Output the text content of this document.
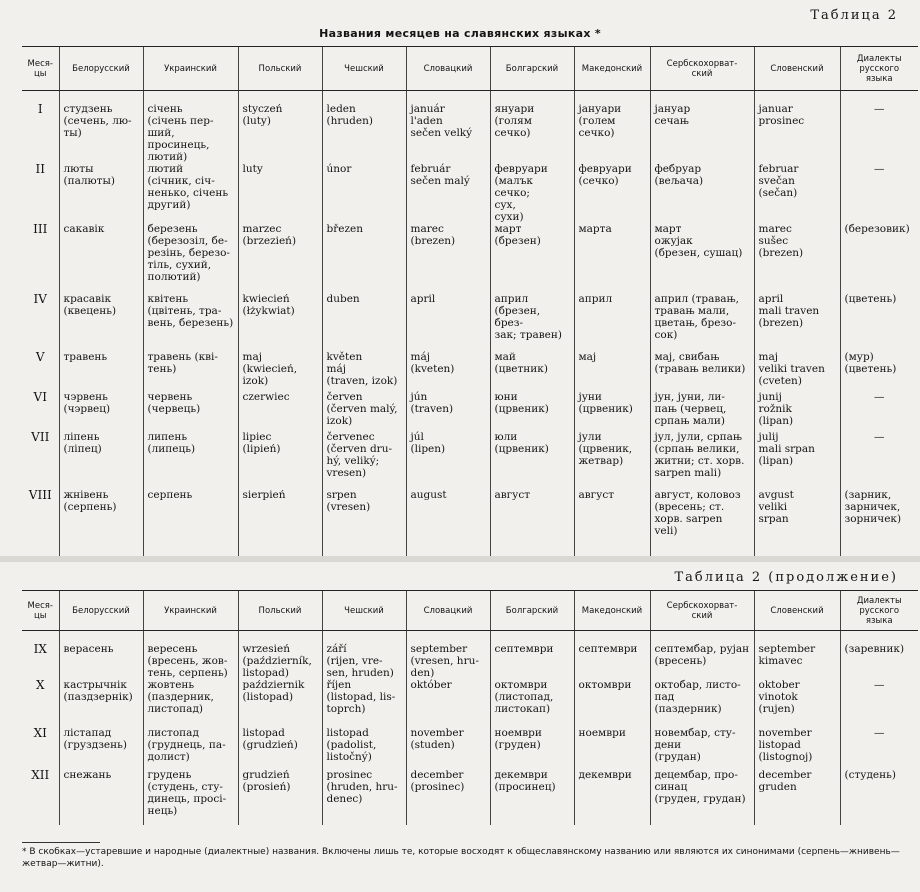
Таблица 2
Названия месяцев на славянских языках *
Меся-
цы	Белорусский	Украинский	Польский	Чешский	Словацкий	Болгарский	Македонский	Сербскохорват-
ский	Словенский	Диалекты
русского
языка
I	студзень
(сечень, лю-
ты)	січень
(січень пер-
ший, просинець,
лютий)	styczeń
(luty)	leden
(hruden)	január
l'aden
sečen velký	януари
(голям сечко)	јануари
(голем сечко)	јануар
сечањ	januar
prosinec	—
II	люты
(палюты)	лютий
(січник, січ-
ненько, січень
другий)	luty	únor	február
sečen malý	февруари
(малък сечко;
сух,
сухи)	февруари
(сечко)	фебруар
(вељача)	februar
svečan
(sečan)	—
III	сакавік	березень
(березозіл, бе-
резінь, березо-
тіль, сухий,
полютий)	marzec
(brzezień)	březen	marec
(brezen)	март
(брезен)	марта	март
ожујак
(брезен, сушац)	marec
sušec
(brezen)	(березовик)
IV	красавік
(квецень)	квітень
(цвітень, тра-
вень, березень)	kwiecień
(łżykwiat)	duben	april	април
(брезен, брез-
зак; травен)	април	април (травањ,
травањ мали,
цветањ, брезо-
сок)	april
mali traven
(brezen)	(цветень)
V	травень	травень (кві-
тень)	maj
(kwiecień,
izok)	květen
máj
(traven, izok)	máj
(kveten)	май
(цветник)	мај	мај, свибањ
(травањ велики)	maj
veliki traven
(cveten)	(мур)
(цветень)
VI	чэрвень
(чэрвец)	червень
(червець)	czerwiec	červen
(červen malý,
izok)	jún
(traven)	юни
(црвеник)	јуни
(црвеник)	јун, јуни, ли-
пањ (червец,
српањ мали)	junij
rožnik
(lipan)	—
VII	ліпень
(ліпец)	липень
(липець)	lipiec
(lipień)	červenec
(červen dru-
hý, veliký;
vresen)	júl
(lipen)	юли
(црвеник)	јули
(црвеник,
жетвар)	јул, јули, српањ
(српањ велики,
житни; ст. хорв.
sarpen mali)	julij
mali srpan
(lipan)	—
VIII	жнівень
(серпень)	серпень	sierpień	srpen
(vresen)	august	август	август	август, коловоз
(вресень; ст.
хорв. sarpen
veli)	avgust
veliki
srpan	(зарник,
зарничек,
зорничек)
Таблица 2 (продолжение)
Меся-
цы	Белорусский	Украинский	Польский	Чешский	Словацкий	Болгарский	Македонский	Сербскохорват-
ский	Словенский	Диалекты
русского
языка
IX	верасень	вересень
(вресень, жов-
тень, серпень)	wrzesień
(październík,
listopad)	září
(rijen, vre-
sen, hruden)	september
(vresen, hru-
den)	септември	септември	септембар, рујан
(вресень)	september
kimavec	(заревник)
X	кастрычнік
(паздзернік)	жовтень
(паздерник,
листопад)	październik
(listopad)	říjen
(listopad, lis-
toprch)	október	октомври
(листопад,
листокап)	октомври	октобар, листо-
пад
(паздерник)	oktober
vinotok
(rujen)	—
XI	лістапад
(груздзень)	листопад
(груднець, па-
долист)	listopad
(grudzień)	listopad
(padolist,
listočný)	november
(studen)	ноември
(груден)	ноември	новембар, сту-
дени
(грудан)	november
listopad
(listognoj)	—
XII	снежань	грудень
(студень, сту-
динець, просі-
нець)	grudzień
(prosień)	prosinec
(hruden, hru-
denec)	december
(prosinec)	декември
(просинец)	декември	децембар, про-
синац
(груден, грудан)	december
gruden	(студень)
* В скобках—устаревшие и народные (диалектные) названия. Включены лишь те, которые восходят к общеславянскому названию или являются их синонимами (серпень—жнивень—жетвар—житни).
